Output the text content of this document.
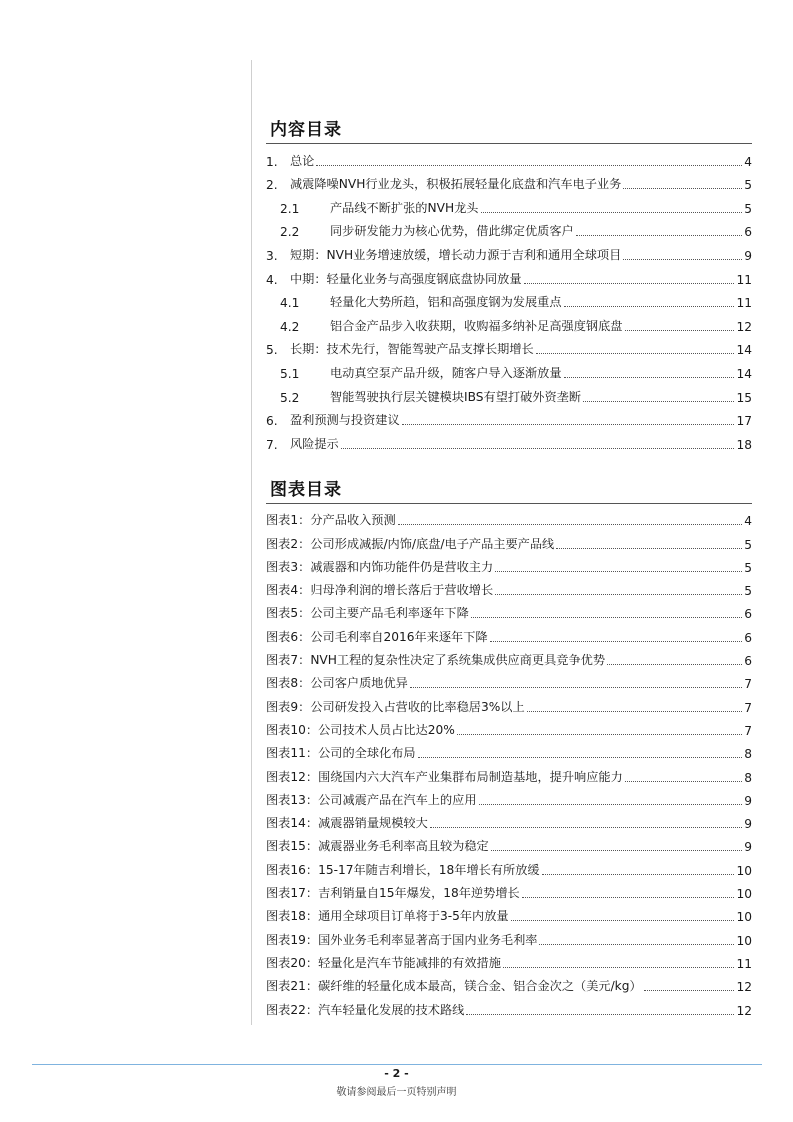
内容目录
1.	总论	4
2.	减震降噪NVH行业龙头，积极拓展轻量化底盘和汽车电子业务	5
2.1	产品线不断扩张的NVH龙头	5
2.2	同步研发能力为核心优势，借此绑定优质客户	6
3.	短期：NVH业务增速放缓，增长动力源于吉利和通用全球项目	9
4.	中期：轻量化业务与高强度钢底盘协同放量	11
4.1	轻量化大势所趋，铝和高强度钢为发展重点	11
4.2	铝合金产品步入收获期，收购福多纳补足高强度钢底盘	12
5.	长期：技术先行，智能驾驶产品支撑长期增长	14
5.1	电动真空泵产品升级，随客户导入逐渐放量	14
5.2	智能驾驶执行层关键模块IBS有望打破外资垄断	15
6.	盈利预测与投资建议	17
7.	风险提示	18
图表目录
图表1：分产品收入预测	4
图表2：公司形成减振/内饰/底盘/电子产品主要产品线	5
图表3：减震器和内饰功能件仍是营收主力	5
图表4：归母净利润的增长落后于营收增长	5
图表5：公司主要产品毛利率逐年下降	6
图表6：公司毛利率自2016年来逐年下降	6
图表7：NVH工程的复杂性决定了系统集成供应商更具竞争优势	6
图表8：公司客户质地优异	7
图表9：公司研发投入占营收的比率稳居3%以上	7
图表10：公司技术人员占比达20%	7
图表11：公司的全球化布局	8
图表12：围绕国内六大汽车产业集群布局制造基地，提升响应能力	8
图表13：公司减震产品在汽车上的应用	9
图表14：减震器销量规模较大	9
图表15：减震器业务毛利率高且较为稳定	9
图表16：15-17年随吉利增长，18年增长有所放缓	10
图表17：吉利销量自15年爆发，18年逆势增长	10
图表18：通用全球项目订单将于3-5年内放量	10
图表19：国外业务毛利率显著高于国内业务毛利率	10
图表20：轻量化是汽车节能减排的有效措施	11
图表21：碳纤维的轻量化成本最高，镁合金、铝合金次之（美元/kg）	12
图表22：汽车轻量化发展的技术路线	12
- 2 -
敬请参阅最后一页特别声明
